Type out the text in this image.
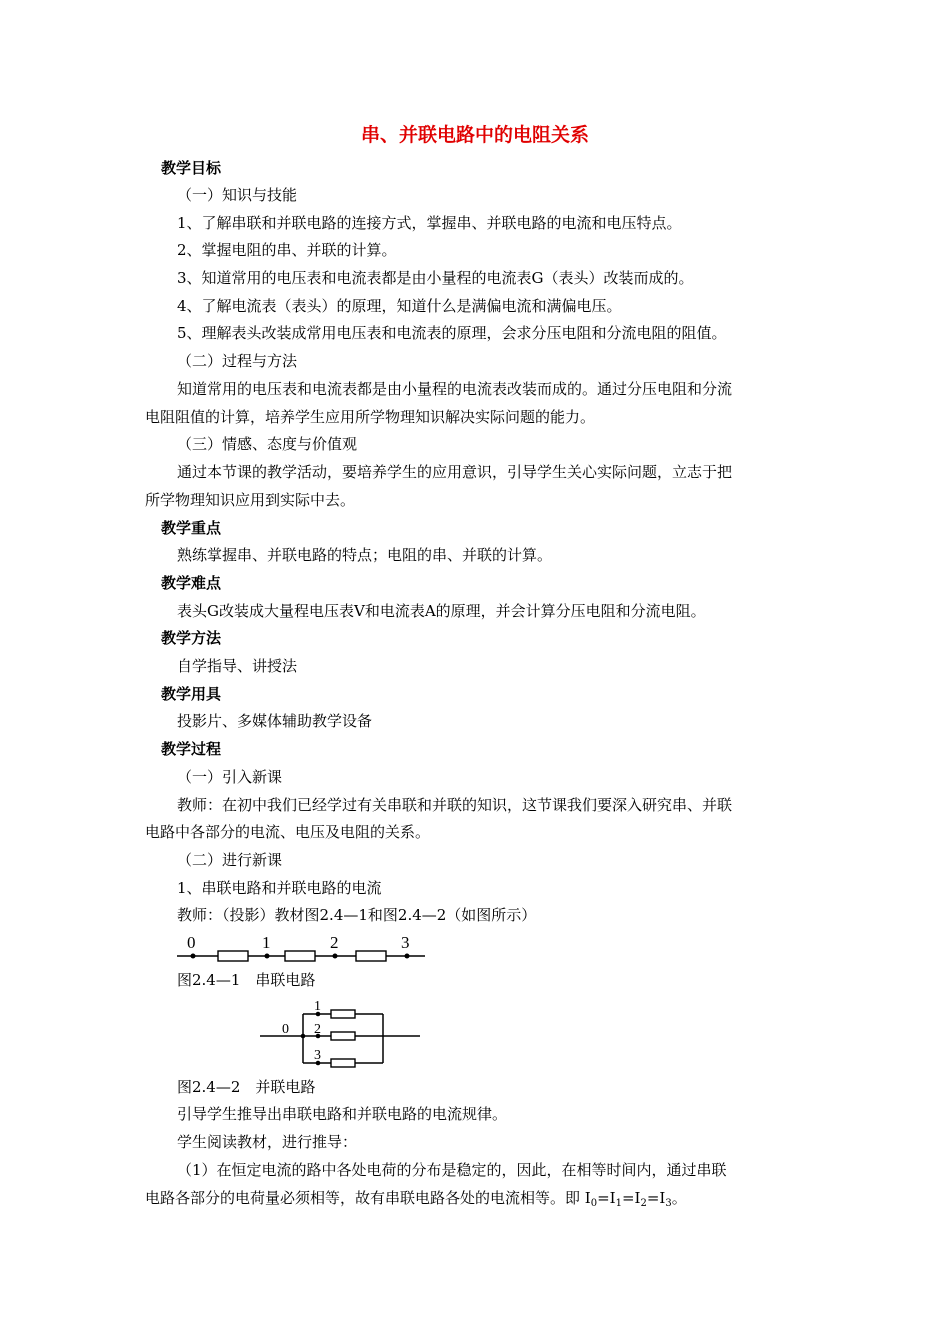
串、并联电路中的电阻关系
教学目标
（一）知识与技能
1、了解串联和并联电路的连接方式，掌握串、并联电路的电流和电压特点。
2、掌握电阻的串、并联的计算。
3、知道常用的电压表和电流表都是由小量程的电流表G（表头）改装而成的。
4、了解电流表（表头）的原理，知道什么是满偏电流和满偏电压。
5、理解表头改装成常用电压表和电流表的原理，会求分压电阻和分流电阻的阻值。
（二）过程与方法
知道常用的电压表和电流表都是由小量程的电流表改装而成的。通过分压电阻和分流
电阻阻值的计算，培养学生应用所学物理知识解决实际问题的能力。
（三）情感、态度与价值观
通过本节课的教学活动，要培养学生的应用意识，引导学生关心实际问题，立志于把
所学物理知识应用到实际中去。
教学重点
熟练掌握串、并联电路的特点；电阻的串、并联的计算。
教学难点
表头G改装成大量程电压表V和电流表A的原理，并会计算分压电阻和分流电阻。
教学方法
自学指导、讲授法
教学用具
投影片、多媒体辅助教学设备
教学过程
（一）引入新课
教师：在初中我们已经学过有关串联和并联的知识，这节课我们要深入研究串、并联
电路中各部分的电流、电压及电阻的关系。
（二）进行新课
1、串联电路和并联电路的电流
教师：（投影）教材图2.4—1和图2.4—2（如图所示）
0	1	2	3
图2.4—1　串联电路
1
0 2
3
图2.4—2　并联电路
引导学生推导出串联电路和并联电路的电流规律。
学生阅读教材，进行推导：
（1）在恒定电流的路中各处电荷的分布是稳定的，因此，在相等时间内，通过串联
电路各部分的电荷量必须相等，故有串联电路各处的电流相等。即 $I_0=I_1=I_2=I_3$。
